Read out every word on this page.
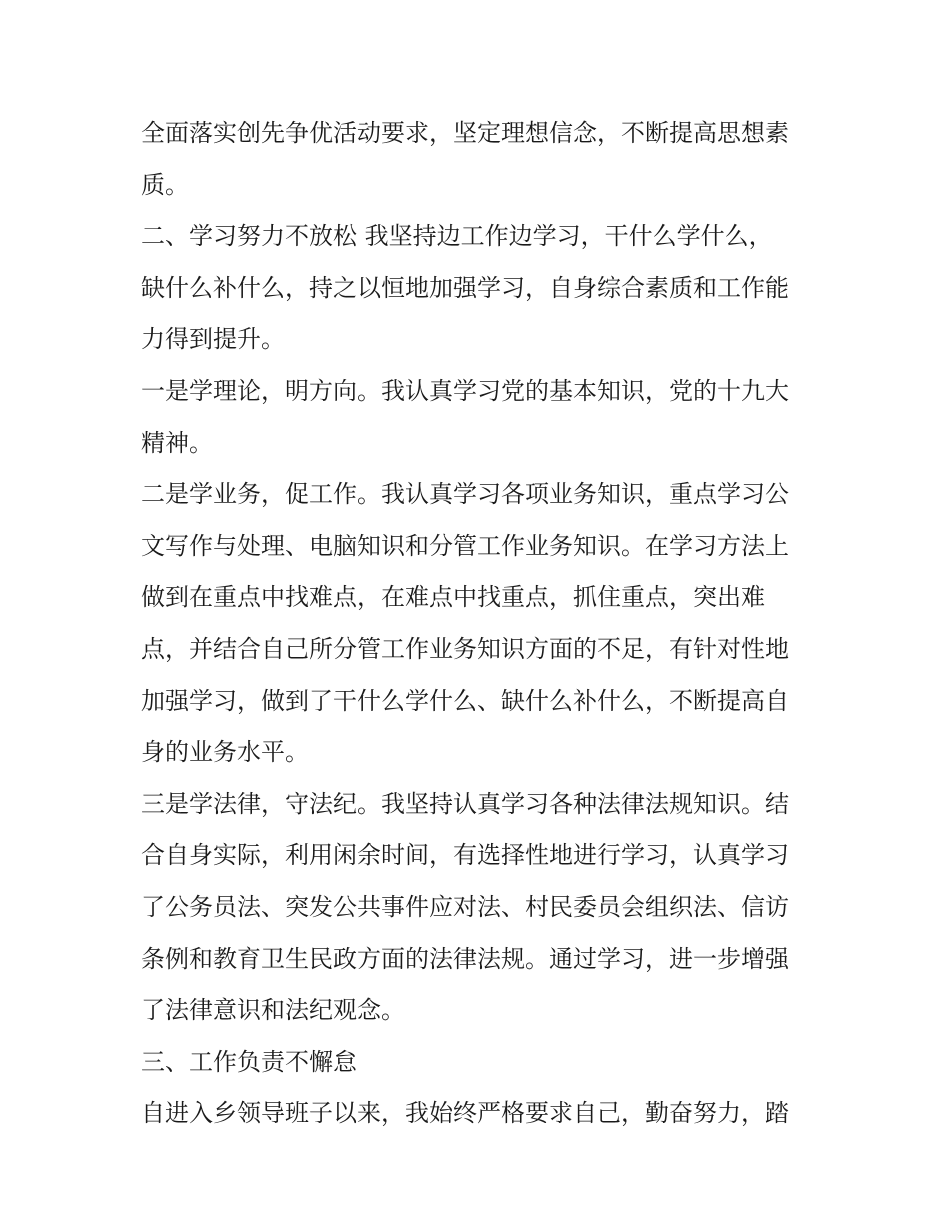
全面落实创先争优活动要求，坚定理想信念，不断提高思想素
质。
二、学习努力不放松 我坚持边工作边学习，干什么学什么，
缺什么补什么，持之以恒地加强学习，自身综合素质和工作能
力得到提升。
一是学理论，明方向。我认真学习党的基本知识，党的十九大
精神。
二是学业务，促工作。我认真学习各项业务知识，重点学习公
文写作与处理、电脑知识和分管工作业务知识。在学习方法上
做到在重点中找难点，在难点中找重点，抓住重点，突出难
点，并结合自己所分管工作业务知识方面的不足，有针对性地
加强学习，做到了干什么学什么、缺什么补什么，不断提高自
身的业务水平。
三是学法律，守法纪。我坚持认真学习各种法律法规知识。结
合自身实际，利用闲余时间，有选择性地进行学习，认真学习
了公务员法、突发公共事件应对法、村民委员会组织法、信访
条例和教育卫生民政方面的法律法规。通过学习，进一步增强
了法律意识和法纪观念。
三、工作负责不懈怠
自进入乡领导班子以来，我始终严格要求自己，勤奋努力，踏
